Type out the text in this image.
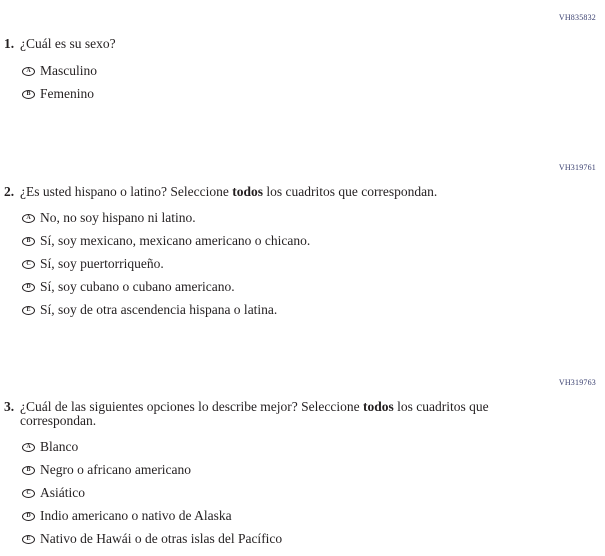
VH835832
1. ¿Cuál es su sexo?
A Masculino
B Femenino
VH319761
2. ¿Es usted hispano o latino? Seleccione todos los cuadritos que correspondan.
A No, no soy hispano ni latino.
B Sí, soy mexicano, mexicano americano o chicano.
C Sí, soy puertorriqueño.
D Sí, soy cubano o cubano americano.
E Sí, soy de otra ascendencia hispana o latina.
VH319763
3. ¿Cuál de las siguientes opciones lo describe mejor? Seleccione todos los cuadritos que correspondan.
A Blanco
B Negro o africano americano
C Asiático
D Indio americano o nativo de Alaska
E Nativo de Hawái o de otras islas del Pacífico
